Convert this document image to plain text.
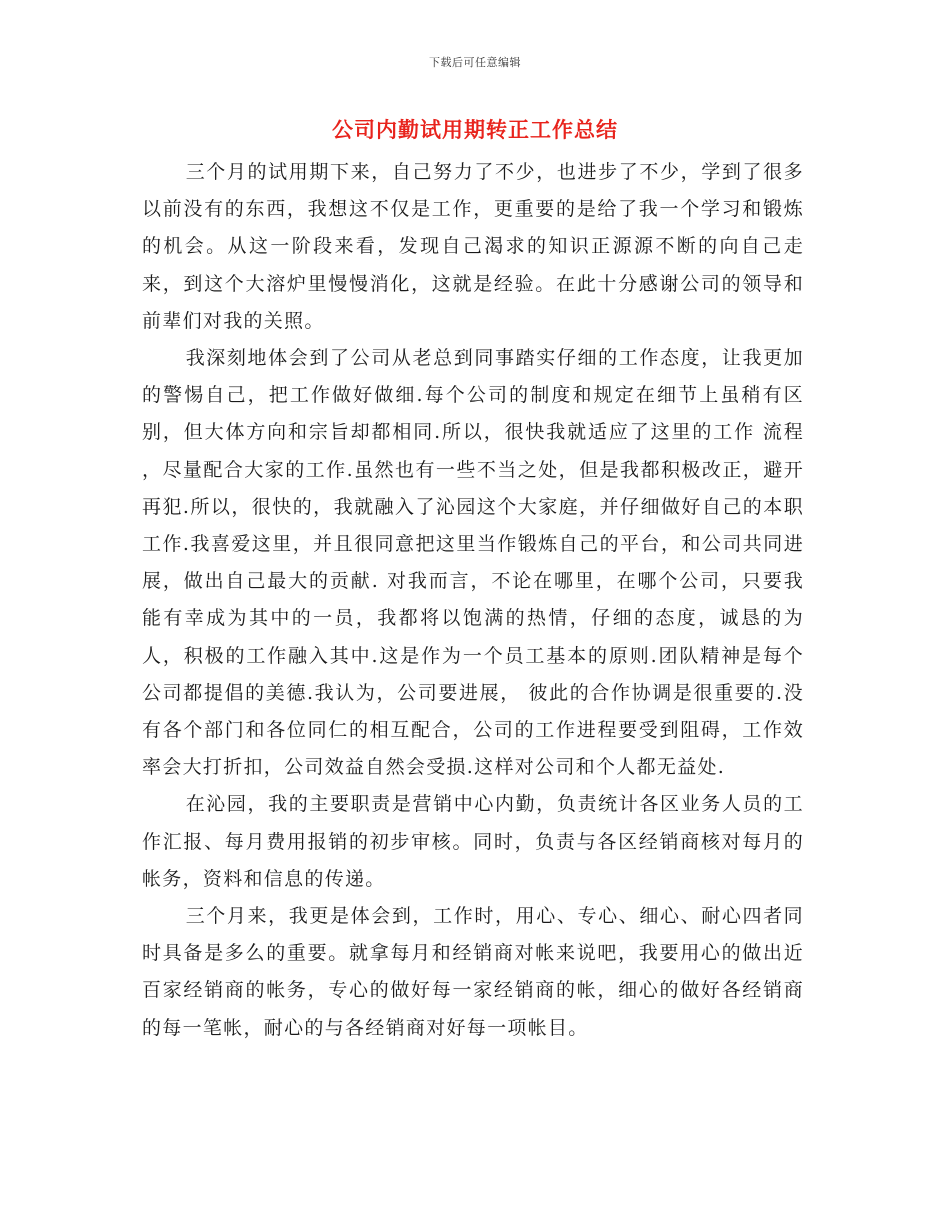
下载后可任意编辑
公司内勤试用期转正工作总结

三个月的试用期下来，自己努力了不少，也进步了不少，学到了很多以前没有的东西，我想这不仅是工作，更重要的是给了我一个学习和锻炼的机会。从这一阶段来看，发现自己渴求的知识正源源不断的向自己走来，到这个大溶炉里慢慢消化，这就是经验。在此十分感谢公司的领导和前辈们对我的关照。

我深刻地体会到了公司从老总到同事踏实仔细的工作态度，让我更加的警惕自己，把工作做好做细.每个公司的制度和规定在细节上虽稍有区别，但大体方向和宗旨却都相同.所以，很快我就适应了这里的工作 流程 ，尽量配合大家的工作.虽然也有一些不当之处，但是我都积极改正，避开再犯.所以，很快的，我就融入了沁园这个大家庭，并仔细做好自己的本职工作.我喜爱这里，并且很同意把这里当作锻炼自己的平台，和公司共同进展，做出自己最大的贡献. 对我而言，不论在哪里，在哪个公司，只要我能有幸成为其中的一员，我都将以饱满的热情，仔细的态度，诚恳的为人，积极的工作融入其中.这是作为一个员工基本的原则.团队精神是每个公司都提倡的美德.我认为，公司要进展， 彼此的合作协调是很重要的.没有各个部门和各位同仁的相互配合，公司的工作进程要受到阻碍，工作效率会大打折扣，公司效益自然会受损.这样对公司和个人都无益处.

在沁园，我的主要职责是营销中心内勤，负责统计各区业务人员的工作汇报、每月费用报销的初步审核。同时，负责与各区经销商核对每月的帐务，资料和信息的传递。

三个月来，我更是体会到，工作时，用心、专心、细心、耐心四者同时具备是多么的重要。就拿每月和经销商对帐来说吧，我要用心的做出近百家经销商的帐务，专心的做好每一家经销商的帐，细心的做好各经销商的每一笔帐，耐心的与各经销商对好每一项帐目。
